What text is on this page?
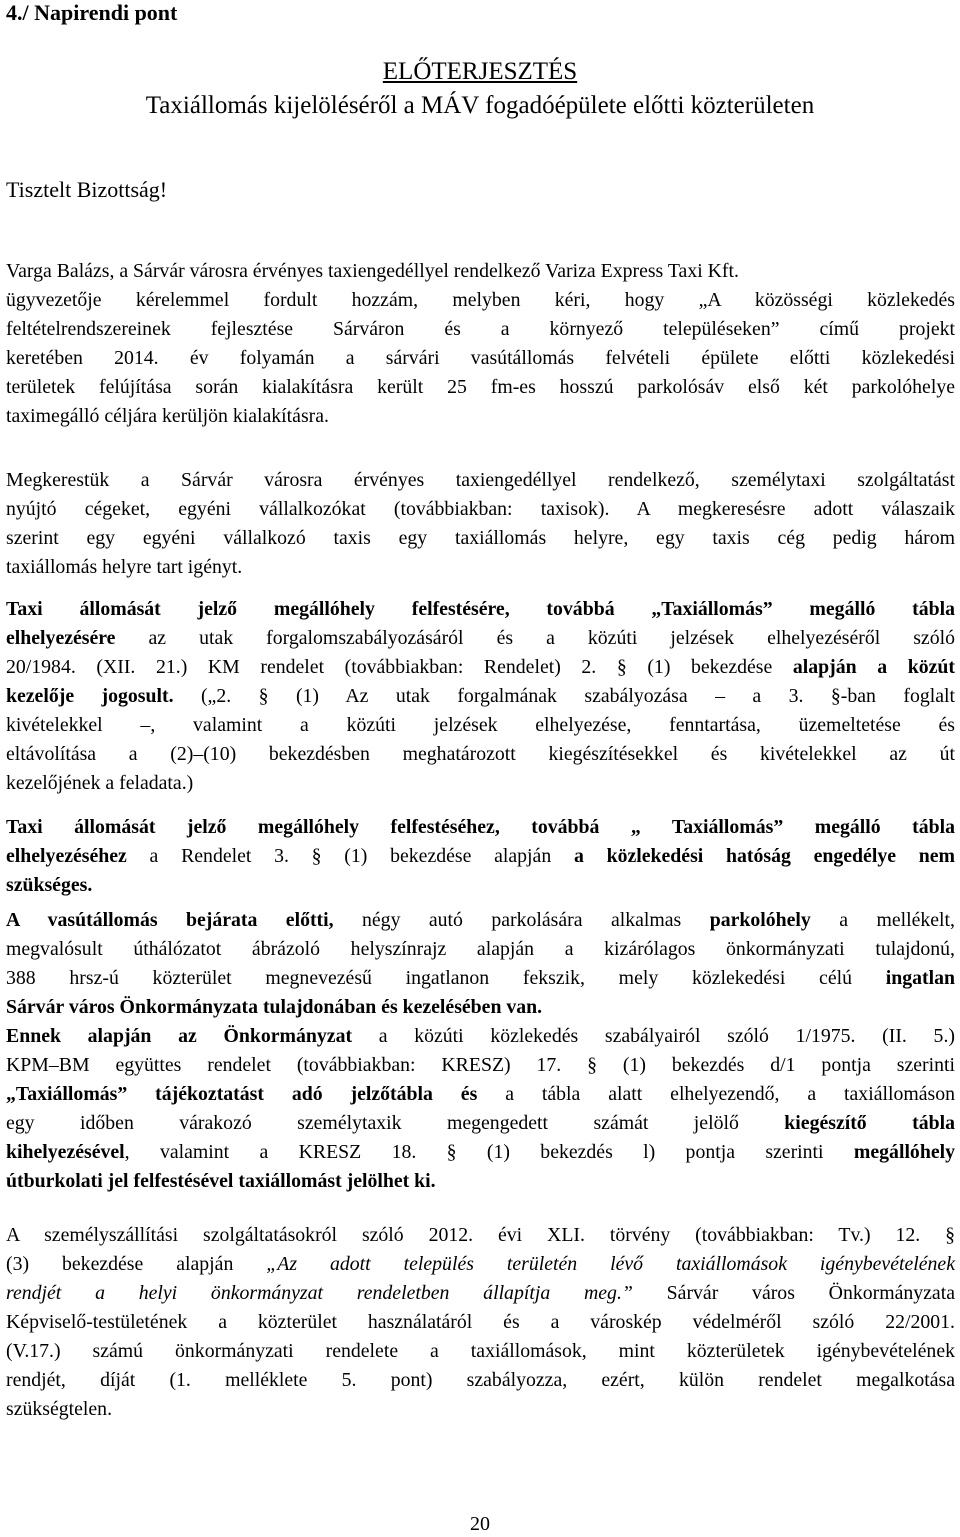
4./ Napirendi pont
ELŐTERJESZTÉS
Taxiállomás kijelöléséről a MÁV fogadóépülete előtti közterületen
Tisztelt Bizottság!
Varga Balázs, a Sárvár városra érvényes taxiengedéllyel rendelkező Variza Express Taxi Kft.
ügyvezetője kérelemmel fordult hozzám, melyben kéri, hogy „A közösségi közlekedés
feltételrendszereinek fejlesztése Sárváron és a környező településeken” című projekt
keretében 2014. év folyamán a sárvári vasútállomás felvételi épülete előtti közlekedési
területek felújítása során kialakításra került 25 fm-es hosszú parkolósáv első két parkolóhelye
taximegálló céljára kerüljön kialakításra.
Megkerestük a Sárvár városra érvényes taxiengedéllyel rendelkező, személytaxi szolgáltatást
nyújtó cégeket, egyéni vállalkozókat (továbbiakban: taxisok). A megkeresésre adott válaszaik
szerint egy egyéni vállalkozó taxis egy taxiállomás helyre, egy taxis cég pedig három
taxiállomás helyre tart igényt.
Taxi állomását jelző megállóhely felfestésére, továbbá „Taxiállomás” megálló tábla
elhelyezésére az utak forgalomszabályozásáról és a közúti jelzések elhelyezéséről szóló
20/1984. (XII. 21.) KM rendelet (továbbiakban: Rendelet) 2. § (1) bekezdése alapján a közút
kezelője jogosult. („2. § (1) Az utak forgalmának szabályozása – a 3. §-ban foglalt
kivételekkel –, valamint a közúti jelzések elhelyezése, fenntartása, üzemeltetése és
eltávolítása a (2)–(10) bekezdésben meghatározott kiegészítésekkel és kivételekkel az út
kezelőjének a feladata.)
Taxi állomását jelző megállóhely felfestéséhez, továbbá „ Taxiállomás” megálló tábla
elhelyezéséhez a Rendelet 3. § (1) bekezdése alapján a közlekedési hatóság engedélye nem
szükséges.
A vasútállomás bejárata előtti, négy autó parkolására alkalmas parkolóhely a mellékelt,
megvalósult úthálózatot ábrázoló helyszínrajz alapján a kizárólagos önkormányzati tulajdonú,
388 hrsz-ú közterület megnevezésű ingatlanon fekszik, mely közlekedési célú ingatlan
Sárvár város Önkormányzata tulajdonában és kezelésében van.
Ennek alapján az Önkormányzat a közúti közlekedés szabályairól szóló 1/1975. (II. 5.)
KPM–BM együttes rendelet (továbbiakban: KRESZ) 17. § (1) bekezdés d/1 pontja szerinti
„Taxiállomás” tájékoztatást adó jelzőtábla és a tábla alatt elhelyezendő, a taxiállomáson
egy időben várakozó személytaxik megengedett számát jelölő kiegészítő tábla
kihelyezésével, valamint a KRESZ 18. § (1) bekezdés l) pontja szerinti megállóhely
útburkolati jel felfestésével taxiállomást jelölhet ki.
A személyszállítási szolgáltatásokról szóló 2012. évi XLI. törvény (továbbiakban: Tv.) 12. §
(3) bekezdése alapján „Az adott település területén lévő taxiállomások igénybevételének
rendjét a helyi önkormányzat rendeletben állapítja meg.” Sárvár város Önkormányzata
Képviselő-testületének a közterület használatáról és a városkép védelméről szóló 22/2001.
(V.17.) számú önkormányzati rendelete a taxiállomások, mint közterületek igénybevételének
rendjét, díját (1. melléklete 5. pont) szabályozza, ezért, külön rendelet megalkotása
szükségtelen.
20
